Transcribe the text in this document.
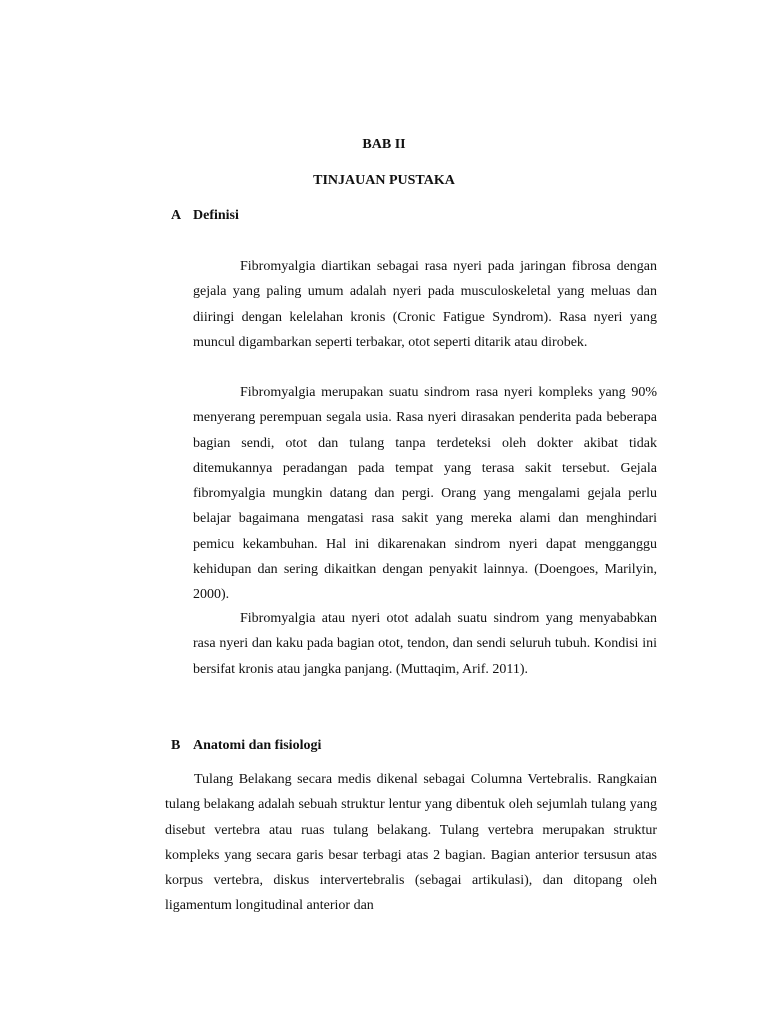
BAB II
TINJAUAN PUSTAKA
A Definisi

Fibromyalgia diartikan sebagai rasa nyeri pada jaringan fibrosa dengan gejala yang paling umum adalah nyeri pada musculoskeletal yang meluas dan diiringi dengan kelelahan kronis (Cronic Fatigue Syndrom). Rasa nyeri yang muncul digambarkan seperti terbakar, otot seperti ditarik atau dirobek.

Fibromyalgia merupakan suatu sindrom rasa nyeri kompleks yang 90% menyerang perempuan segala usia. Rasa nyeri dirasakan penderita pada beberapa bagian sendi, otot dan tulang tanpa terdeteksi oleh dokter akibat tidak ditemukannya peradangan pada tempat yang terasa sakit tersebut. Gejala fibromyalgia mungkin datang dan pergi. Orang yang mengalami gejala perlu belajar bagaimana mengatasi rasa sakit yang mereka alami dan menghindari pemicu kekambuhan. Hal ini dikarenakan sindrom nyeri dapat mengganggu kehidupan dan sering dikaitkan dengan penyakit lainnya. (Doengoes, Marilyin, 2000).

Fibromyalgia atau nyeri otot adalah suatu sindrom yang menyababkan rasa nyeri dan kaku pada bagian otot, tendon, dan sendi seluruh tubuh. Kondisi ini bersifat kronis atau jangka panjang. (Muttaqim, Arif. 2011).

B Anatomi dan fisiologi

Tulang Belakang secara medis dikenal sebagai Columna Vertebralis. Rangkaian tulang belakang adalah sebuah struktur lentur yang dibentuk oleh sejumlah tulang yang disebut vertebra atau ruas tulang belakang. Tulang vertebra merupakan struktur kompleks yang secara garis besar terbagi atas 2 bagian. Bagian anterior tersusun atas korpus vertebra, diskus intervertebralis (sebagai artikulasi), dan ditopang oleh ligamentum longitudinal anterior dan
